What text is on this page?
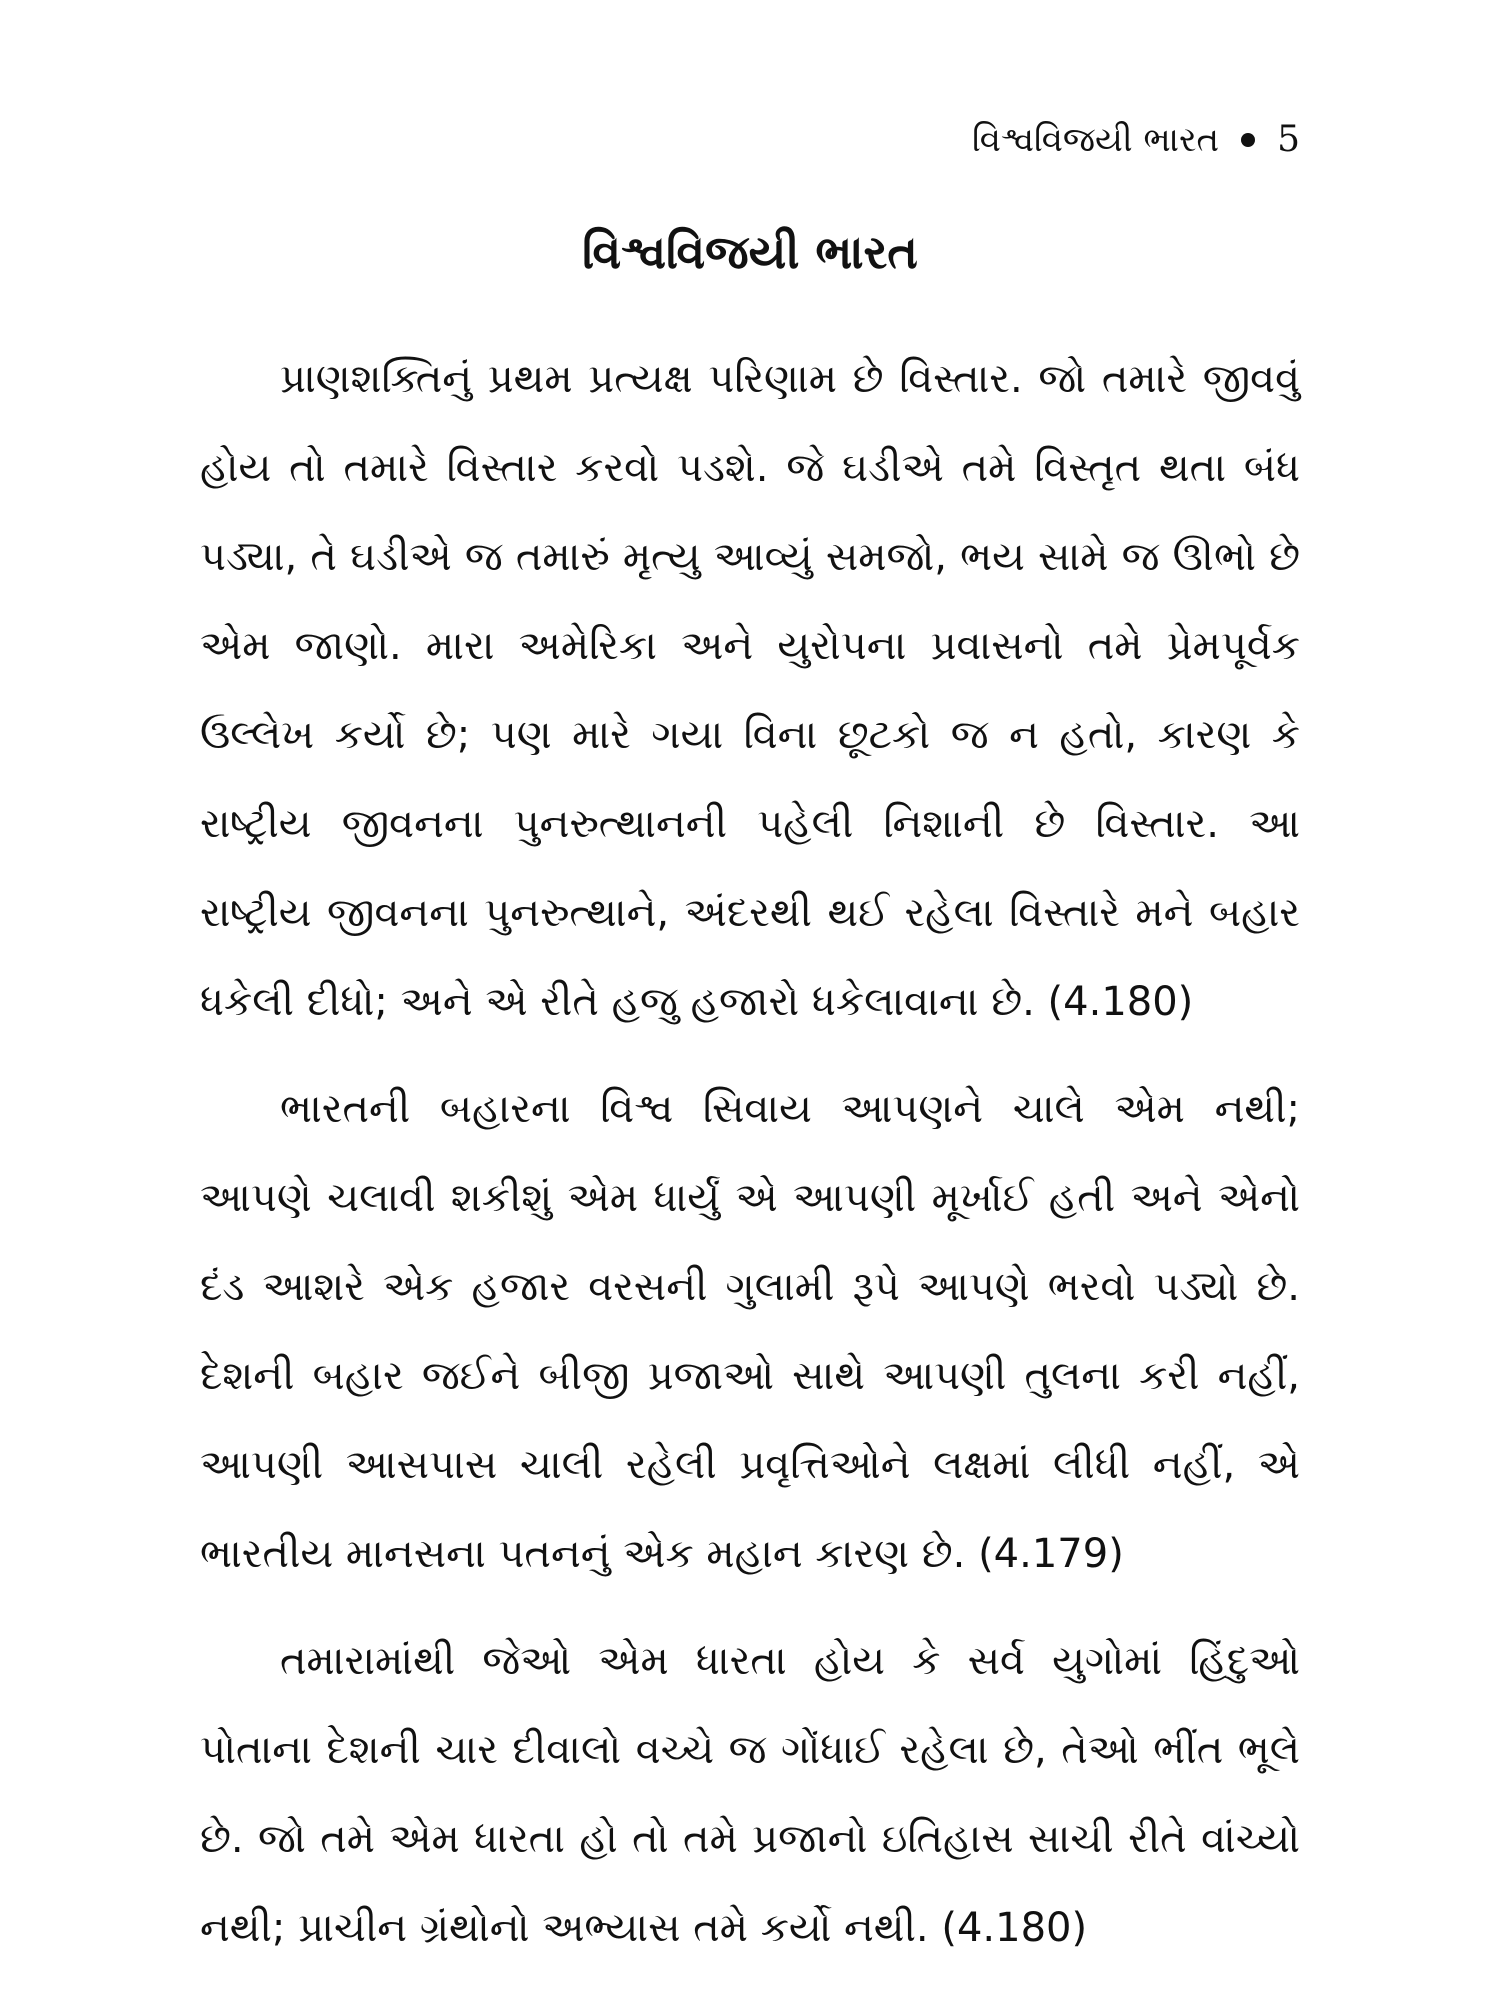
વિશ્વવિજયી ભારત 5
વિશ્વવિજયી ભારત

પ્રાણશક્તિનું પ્રથમ પ્રત્યક્ષ પરિણામ છે વિસ્તાર. જો તમારે જીવવું હોય તો તમારે વિસ્તાર કરવો પડશે. જે ઘડીએ તમે વિસ્તૃત થતા બંધ પડ્યા, તે ઘડીએ જ તમારું મૃત્યુ આવ્યું સમજો, ભય સામે જ ઊભો છે એમ જાણો. મારા અમેરિકા અને યુરોપના પ્રવાસનો તમે પ્રેમપૂર્વક ઉલ્લેખ કર્યો છે; પણ મારે ગયા વિના છૂટકો જ ન હતો, કારણ કે રાષ્ટ્રીય જીવનના પુનરુત્થાનની પહેલી નિશાની છે વિસ્તાર. આ રાષ્ટ્રીય જીવનના પુનરુત્થાને, અંદરથી થઈ રહેલા વિસ્તારે મને બહાર ધકેલી દીધો; અને એ રીતે હજુ હજારો ધકેલાવાના છે. (4.180)

ભારતની બહારના વિશ્વ સિવાય આપણને ચાલે એમ નથી; આપણે ચલાવી શકીશું એમ ધાર્યું એ આપણી મૂર્ખાઈ હતી અને એનો દંડ આશરે એક હજાર વરસની ગુલામી રૂપે આપણે ભરવો પડ્યો છે. દેશની બહાર જઈને બીજી પ્રજાઓ સાથે આપણી તુલના કરી નહીં, આપણી આસપાસ ચાલી રહેલી પ્રવૃત્તિઓને લક્ષમાં લીધી નહીં, એ ભારતીય માનસના પતનનું એક મહાન કારણ છે. (4.179)

તમારામાંથી જેઓ એમ ધારતા હોય કે સર્વ યુગોમાં હિંદુઓ પોતાના દેશની ચાર દીવાલો વચ્ચે જ ગોંધાઈ રહેલા છે, તેઓ ભીંત ભૂલે છે. જો તમે એમ ધારતા હો તો તમે પ્રજાનો ઇતિહાસ સાચી રીતે વાંચ્યો નથી; પ્રાચીન ગ્રંથોનો અભ્યાસ તમે કર્યો નથી. (4.180)
